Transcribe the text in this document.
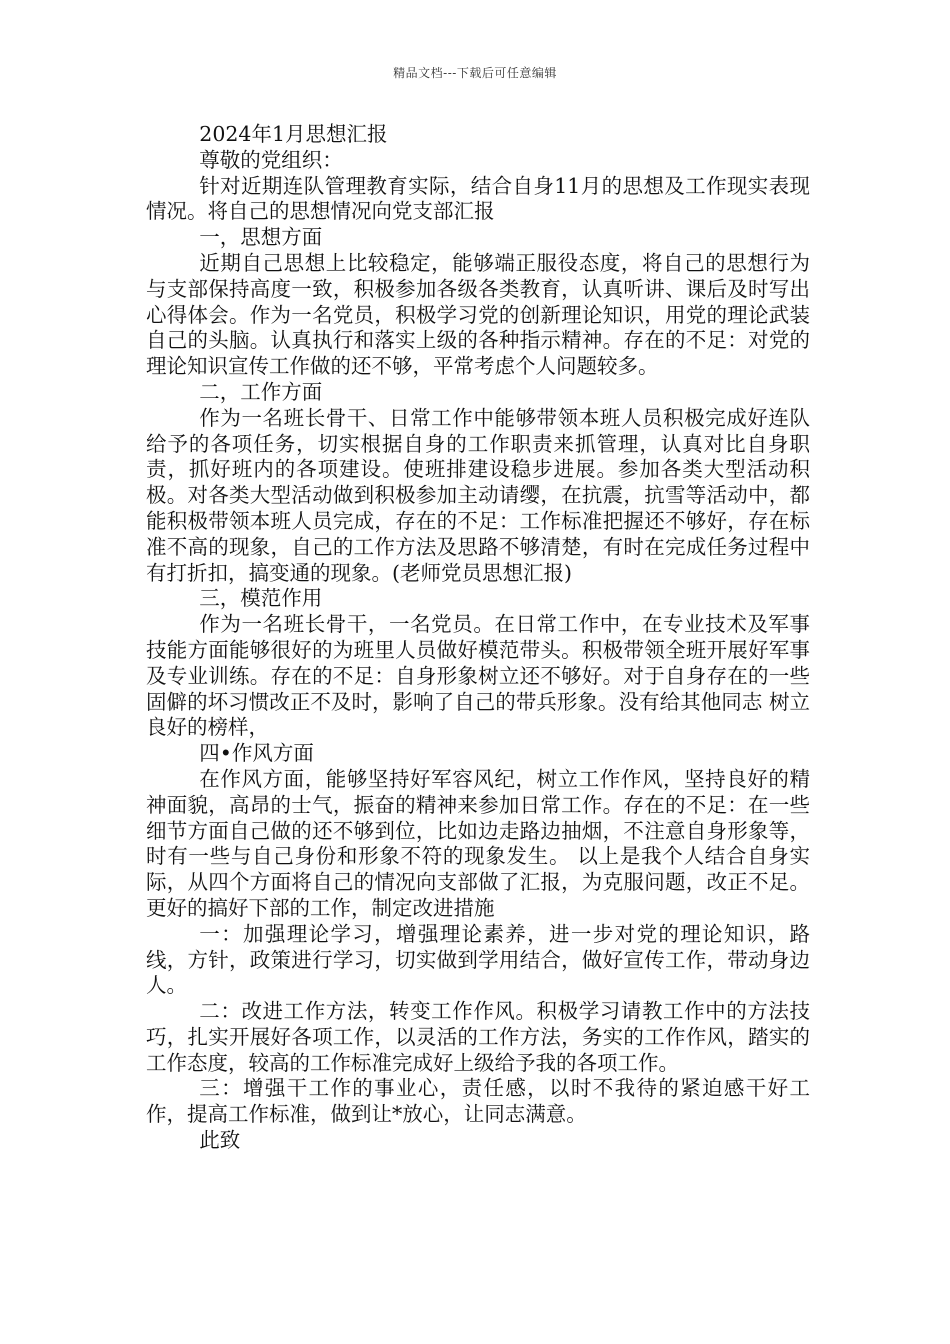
精品文档---下载后可任意编辑

2024年1月思想汇报

尊敬的党组织：

针对近期连队管理教育实际，结合自身11月的思想及工作现实表现情况。将自己的思想情况向党支部汇报

一，思想方面

近期自己思想上比较稳定，能够端正服役态度，将自己的思想行为与支部保持高度一致，积极参加各级各类教育，认真听讲、课后及时写出心得体会。作为一名党员，积极学习党的创新理论知识，用党的理论武装自己的头脑。认真执行和落实上级的各种指示精神。存在的不足：对党的理论知识宣传工作做的还不够，平常考虑个人问题较多。

二，工作方面

作为一名班长骨干、日常工作中能够带领本班人员积极完成好连队给予的各项任务，切实根据自身的工作职责来抓管理，认真对比自身职责，抓好班内的各项建设。使班排建设稳步进展。参加各类大型活动积极。对各类大型活动做到积极参加主动请缨，在抗震，抗雪等活动中，都能积极带领本班人员完成，存在的不足：工作标准把握还不够好，存在标准不高的现象，自己的工作方法及思路不够清楚，有时在完成任务过程中有打折扣，搞变通的现象。(老师党员思想汇报)

三，模范作用

作为一名班长骨干，一名党员。在日常工作中，在专业技术及军事技能方面能够很好的为班里人员做好模范带头。积极带领全班开展好军事及专业训练。存在的不足：自身形象树立还不够好。对于自身存在的一些固僻的坏习惯改正不及时，影响了自己的带兵形象。没有给其他同志 树立良好的榜样，

四•作风方面

在作风方面，能够坚持好军容风纪，树立工作作风，坚持良好的精神面貌，高昂的士气，振奋的精神来参加日常工作。存在的不足：在一些细节方面自己做的还不够到位，比如边走路边抽烟，不注意自身形象等，时有一些与自己身份和形象不符的现象发生。 以上是我个人结合自身实际，从四个方面将自己的情况向支部做了汇报，为克服问题，改正不足。更好的搞好下部的工作，制定改进措施

一：加强理论学习，增强理论素养，进一步对党的理论知识，路线，方针，政策进行学习，切实做到学用结合，做好宣传工作，带动身边人。

二：改进工作方法，转变工作作风。积极学习请教工作中的方法技巧，扎实开展好各项工作，以灵活的工作方法，务实的工作作风，踏实的工作态度，较高的工作标准完成好上级给予我的各项工作。

三：增强干工作的事业心，责任感，以时不我待的紧迫感干好工作，提高工作标准，做到让*放心，让同志满意。

此致
